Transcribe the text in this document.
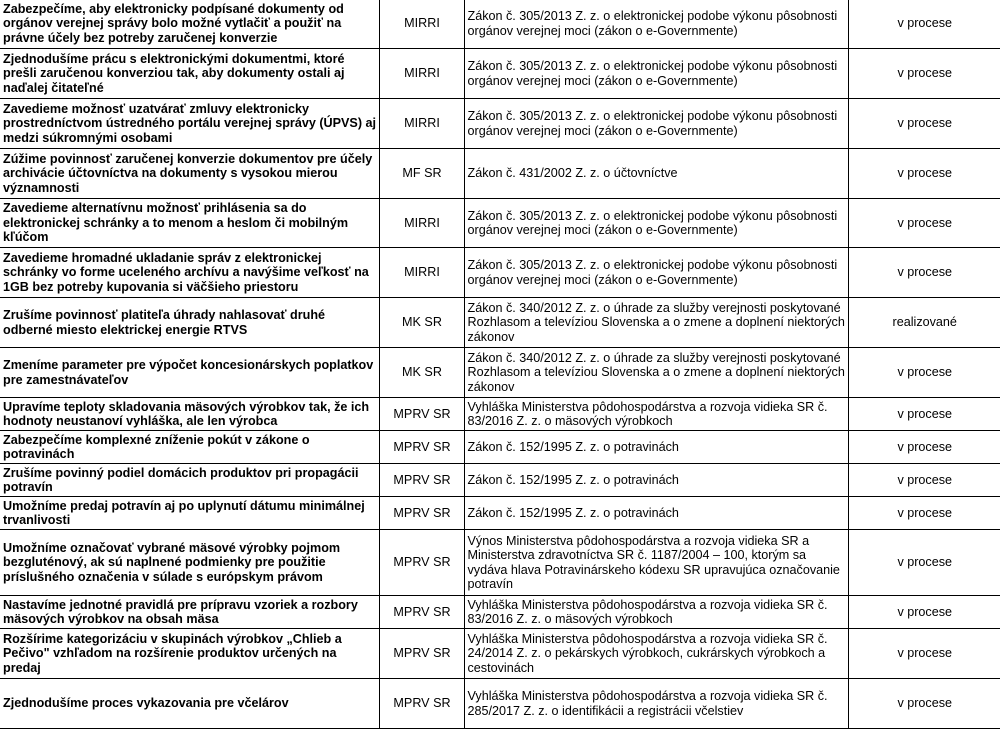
Zabezpečíme, aby elektronicky podpísané dokumenty od orgánov verejnej správy bolo možné vytlačiť a použiť na právne účely bez potreby zaručenej konverzie	MIRRI	Zákon č. 305/2013 Z. z. o elektronickej podobe výkonu pôsobnosti orgánov verejnej moci (zákon o e-Governmente)	v procese
Zjednodušíme prácu s elektronickými dokumentmi, ktoré prešli zaručenou konverziou tak, aby dokumenty ostali aj naďalej čitateľné	MIRRI	Zákon č. 305/2013 Z. z. o elektronickej podobe výkonu pôsobnosti orgánov verejnej moci (zákon o e-Governmente)	v procese
Zavedieme možnosť uzatvárať zmluvy elektronicky prostredníctvom ústredného portálu verejnej správy (ÚPVS) aj medzi súkromnými osobami	MIRRI	Zákon č. 305/2013 Z. z. o elektronickej podobe výkonu pôsobnosti orgánov verejnej moci (zákon o e-Governmente)	v procese
Zúžime povinnosť zaručenej konverzie dokumentov pre účely archivácie účtovníctva na dokumenty s vysokou mierou významnosti	MF SR	Zákon č. 431/2002 Z. z. o účtovníctve	v procese
Zavedieme alternatívnu možnosť prihlásenia sa do elektronickej schránky a to menom a heslom či mobilným kľúčom	MIRRI	Zákon č. 305/2013 Z. z. o elektronickej podobe výkonu pôsobnosti orgánov verejnej moci (zákon o e-Governmente)	v procese
Zavedieme hromadné ukladanie správ z elektronickej schránky vo forme uceleného archívu a navýšime veľkosť na 1GB bez potreby kupovania si väčšieho priestoru	MIRRI	Zákon č. 305/2013 Z. z. o elektronickej podobe výkonu pôsobnosti orgánov verejnej moci (zákon o e-Governmente)	v procese
Zrušíme povinnosť platiteľa úhrady nahlasovať druhé odberné miesto elektrickej energie RTVS	MK SR	Zákon č. 340/2012 Z. z. o úhrade za služby verejnosti poskytované Rozhlasom a televíziou Slovenska a o zmene a doplnení niektorých zákonov	realizované
Zmeníme parameter pre výpočet koncesionárskych poplatkov pre zamestnávateľov	MK SR	Zákon č. 340/2012 Z. z. o úhrade za služby verejnosti poskytované Rozhlasom a televíziou Slovenska a o zmene a doplnení niektorých zákonov	v procese
Upravíme teploty skladovania mäsových výrobkov tak, že ich hodnoty neustanoví vyhláška, ale len výrobca	MPRV SR	Vyhláška Ministerstva pôdohospodárstva a rozvoja vidieka SR č. 83/2016 Z. z. o mäsových výrobkoch	v procese
Zabezpečíme komplexné zníženie pokút v zákone o potravinách	MPRV SR	Zákon č. 152/1995 Z. z. o potravinách	v procese
Zrušíme povinný podiel domácich produktov pri propagácii potravín	MPRV SR	Zákon č. 152/1995 Z. z. o potravinách	v procese
Umožníme predaj potravín aj po uplynutí dátumu minimálnej trvanlivosti	MPRV SR	Zákon č. 152/1995 Z. z. o potravinách	v procese
Umožníme označovať vybrané mäsové výrobky pojmom bezgluténový, ak sú naplnené podmienky pre použitie príslušného označenia v súlade s európskym právom	MPRV SR	Výnos Ministerstva pôdohospodárstva a rozvoja vidieka SR a Ministerstva zdravotníctva SR č. 1187/2004 – 100, ktorým sa vydáva hlava Potravinárskeho kódexu SR upravujúca označovanie potravín	v procese
Nastavíme jednotné pravidlá pre prípravu vzoriek a rozbory mäsových výrobkov na obsah mäsa	MPRV SR	Vyhláška Ministerstva pôdohospodárstva a rozvoja vidieka SR č. 83/2016 Z. z. o mäsových výrobkoch	v procese
Rozšírime kategorizáciu v skupinách výrobkov „Chlieb a Pečivo" vzhľadom na rozšírenie produktov určených na predaj	MPRV SR	Vyhláška Ministerstva pôdohospodárstva a rozvoja vidieka SR č. 24/2014 Z. z. o pekárskych výrobkoch, cukrárskych výrobkoch a cestovinách	v procese
Zjednodušíme proces vykazovania pre včelárov	MPRV SR	Vyhláška Ministerstva pôdohospodárstva a rozvoja vidieka SR č. 285/2017 Z. z. o identifikácii a registrácii včelstiev	v procese
